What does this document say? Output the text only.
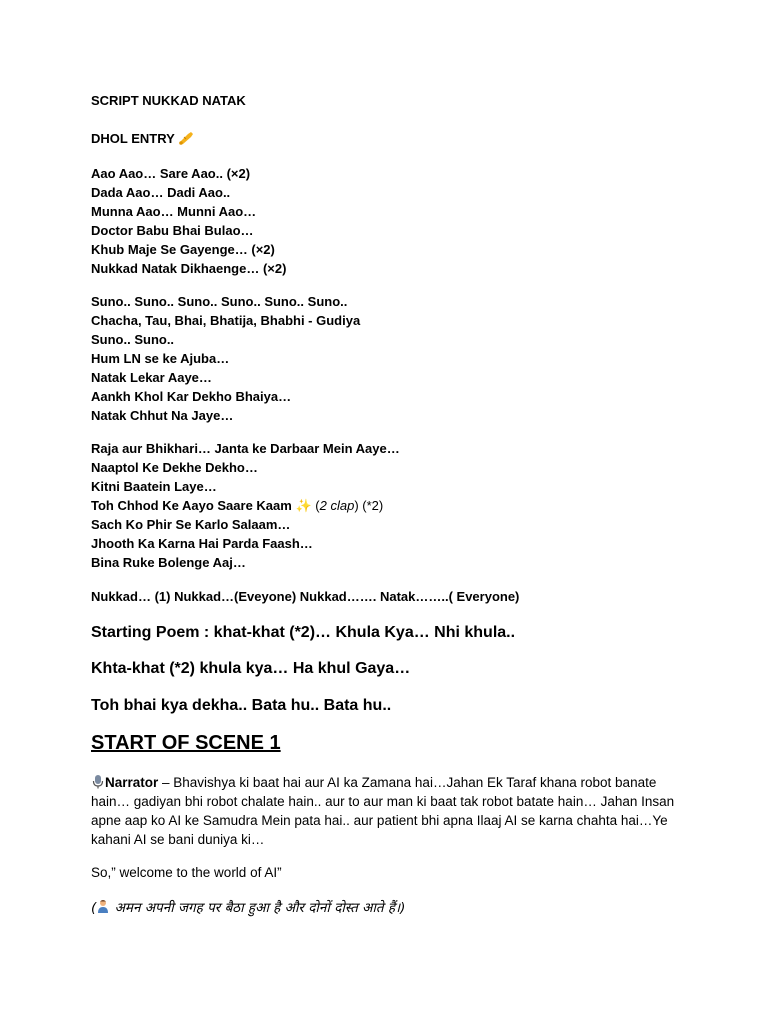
SCRIPT NUKKAD NATAK
DHOL ENTRY
Aao Aao… Sare Aao.. (×2)
Dada Aao… Dadi Aao..
Munna Aao… Munni Aao…
Doctor Babu Bhai Bulao…
Khub Maje Se Gayenge… (×2)
Nukkad Natak Dikhaenge… (×2)
Suno.. Suno.. Suno.. Suno.. Suno.. Suno..
Chacha, Tau, Bhai, Bhatija, Bhabhi - Gudiya
Suno.. Suno..
Hum LN se ke Ajuba…
Natak Lekar Aaye…
Aankh Khol Kar Dekho Bhaiya…
Natak Chhut Na Jaye…
Raja aur Bhikhari… Janta ke Darbaar Mein Aaye…
Naaptol Ke Dekhe Dekho…
Kitni Baatein Laye…
Toh Chhod Ke Aayo Saare Kaam ✨ (2 clap) (*2)
Sach Ko Phir Se Karlo Salaam…
Jhooth Ka Karna Hai Parda Faash…
Bina Ruke Bolenge Aaj…
Nukkad… (1) Nukkad…(Eveyone) Nukkad……. Natak……..( Everyone)
Starting Poem : khat-khat (*2)… Khula Kya… Nhi khula..
Khta-khat (*2) khula kya… Ha khul Gaya…
Toh bhai kya dekha.. Bata hu.. Bata hu..
START OF SCENE 1
Narrator – Bhavishya ki baat hai aur AI ka Zamana hai…Jahan Ek Taraf khana robot banate hain… gadiyan bhi robot chalate hain.. aur to aur man ki baat tak robot batate hain… Jahan Insan apne aap ko AI ke Samudra Mein pata hai.. aur patient bhi apna Ilaaj AI se karna chahta hai…Ye kahani AI se bani duniya ki…
So,” welcome to the world of AI”
( अमन अपनी जगह पर बैठा हुआ है और दोनों दोस्त आते हैं।)
